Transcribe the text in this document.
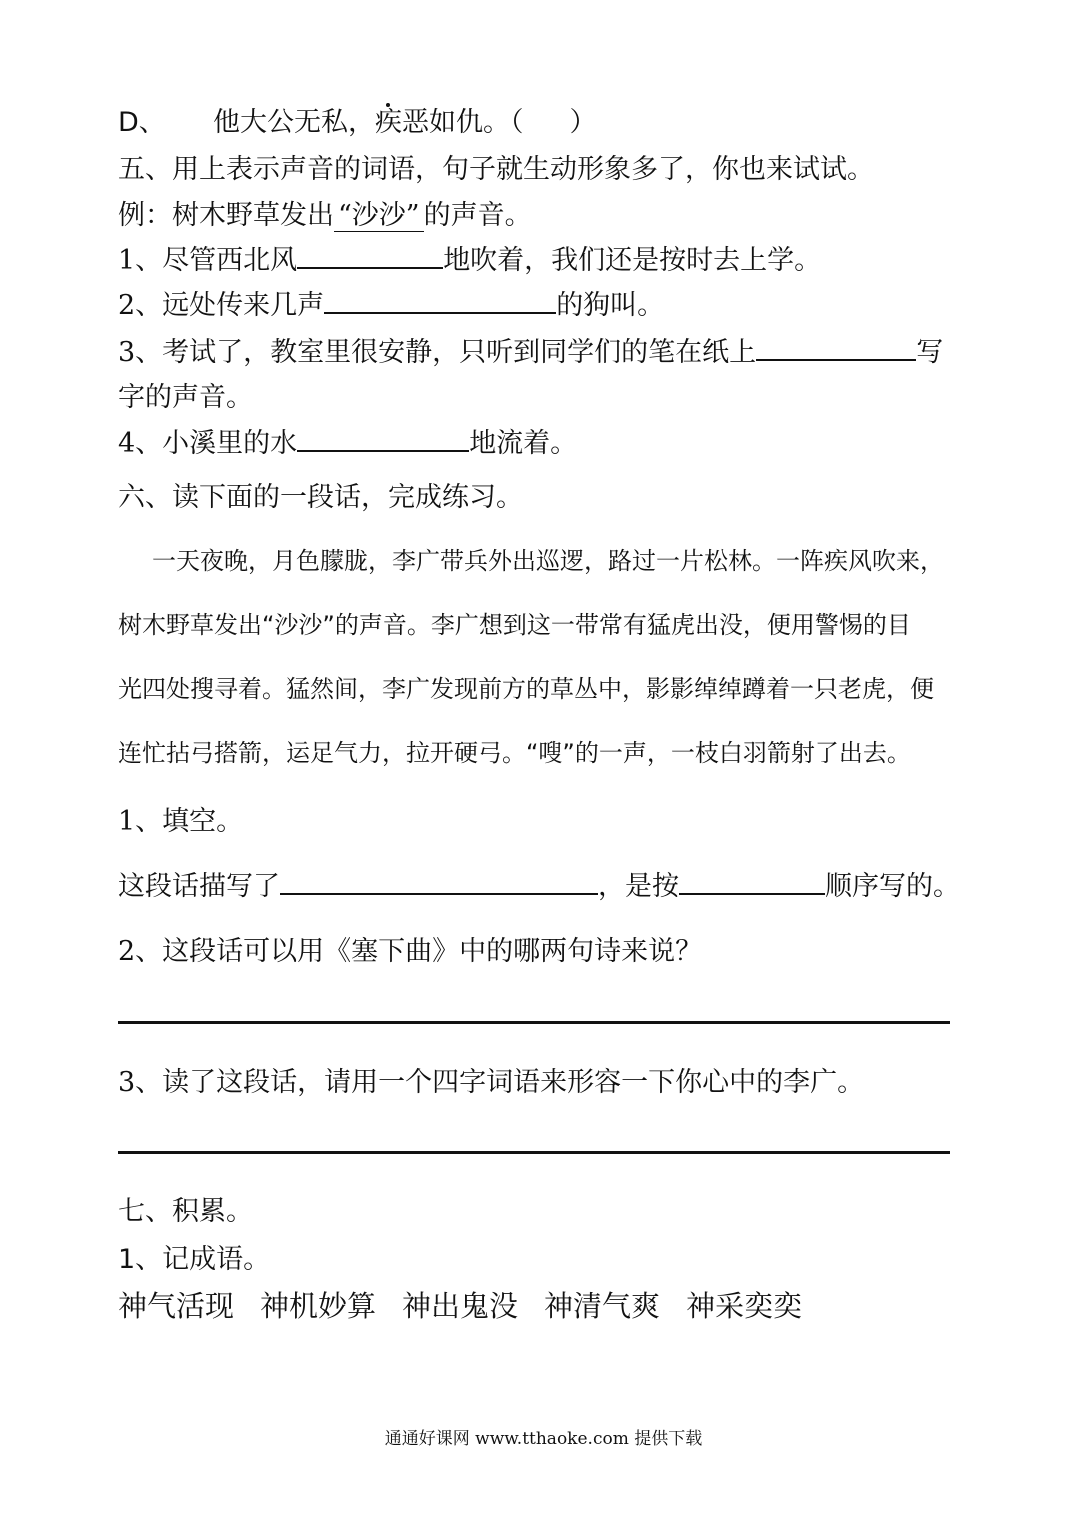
D、 他大公无私，疾恶如仇。（ ）
五、用上表示声音的词语，句子就生动形象多了，你也来试试。
例：树木野草发出 “沙沙” 的声音。
1、尽管西北风	地吹着，我们还是按时去上学。
2、远处传来几声	的狗叫。
3、考试了，教室里很安静，只听到同学们的笔在纸上	写
字的声音。
4、小溪里的水	地流着。
六、读下面的一段话，完成练习。
一天夜晚，月色朦胧，李广带兵外出巡逻，路过一片松林。一阵疾风吹来，
树木野草发出“沙沙”的声音。李广想到这一带常有猛虎出没，便用警惕的目
光四处搜寻着。猛然间，李广发现前方的草丛中，影影绰绰蹲着一只老虎，便
连忙拈弓搭箭，运足气力，拉开硬弓。“嗖”的一声，一枝白羽箭射了出去。
1、填空。
这段话描写了	，是按	顺序写的。
2、这段话可以用《塞下曲》中的哪两句诗来说？
3、读了这段话，请用一个四字词语来形容一下你心中的李广。
七、积累。
1、记成语。
神气活现 神机妙算 神出鬼没 神清气爽 神采奕奕
通通好课网 www.tthaoke.com 提供下载
